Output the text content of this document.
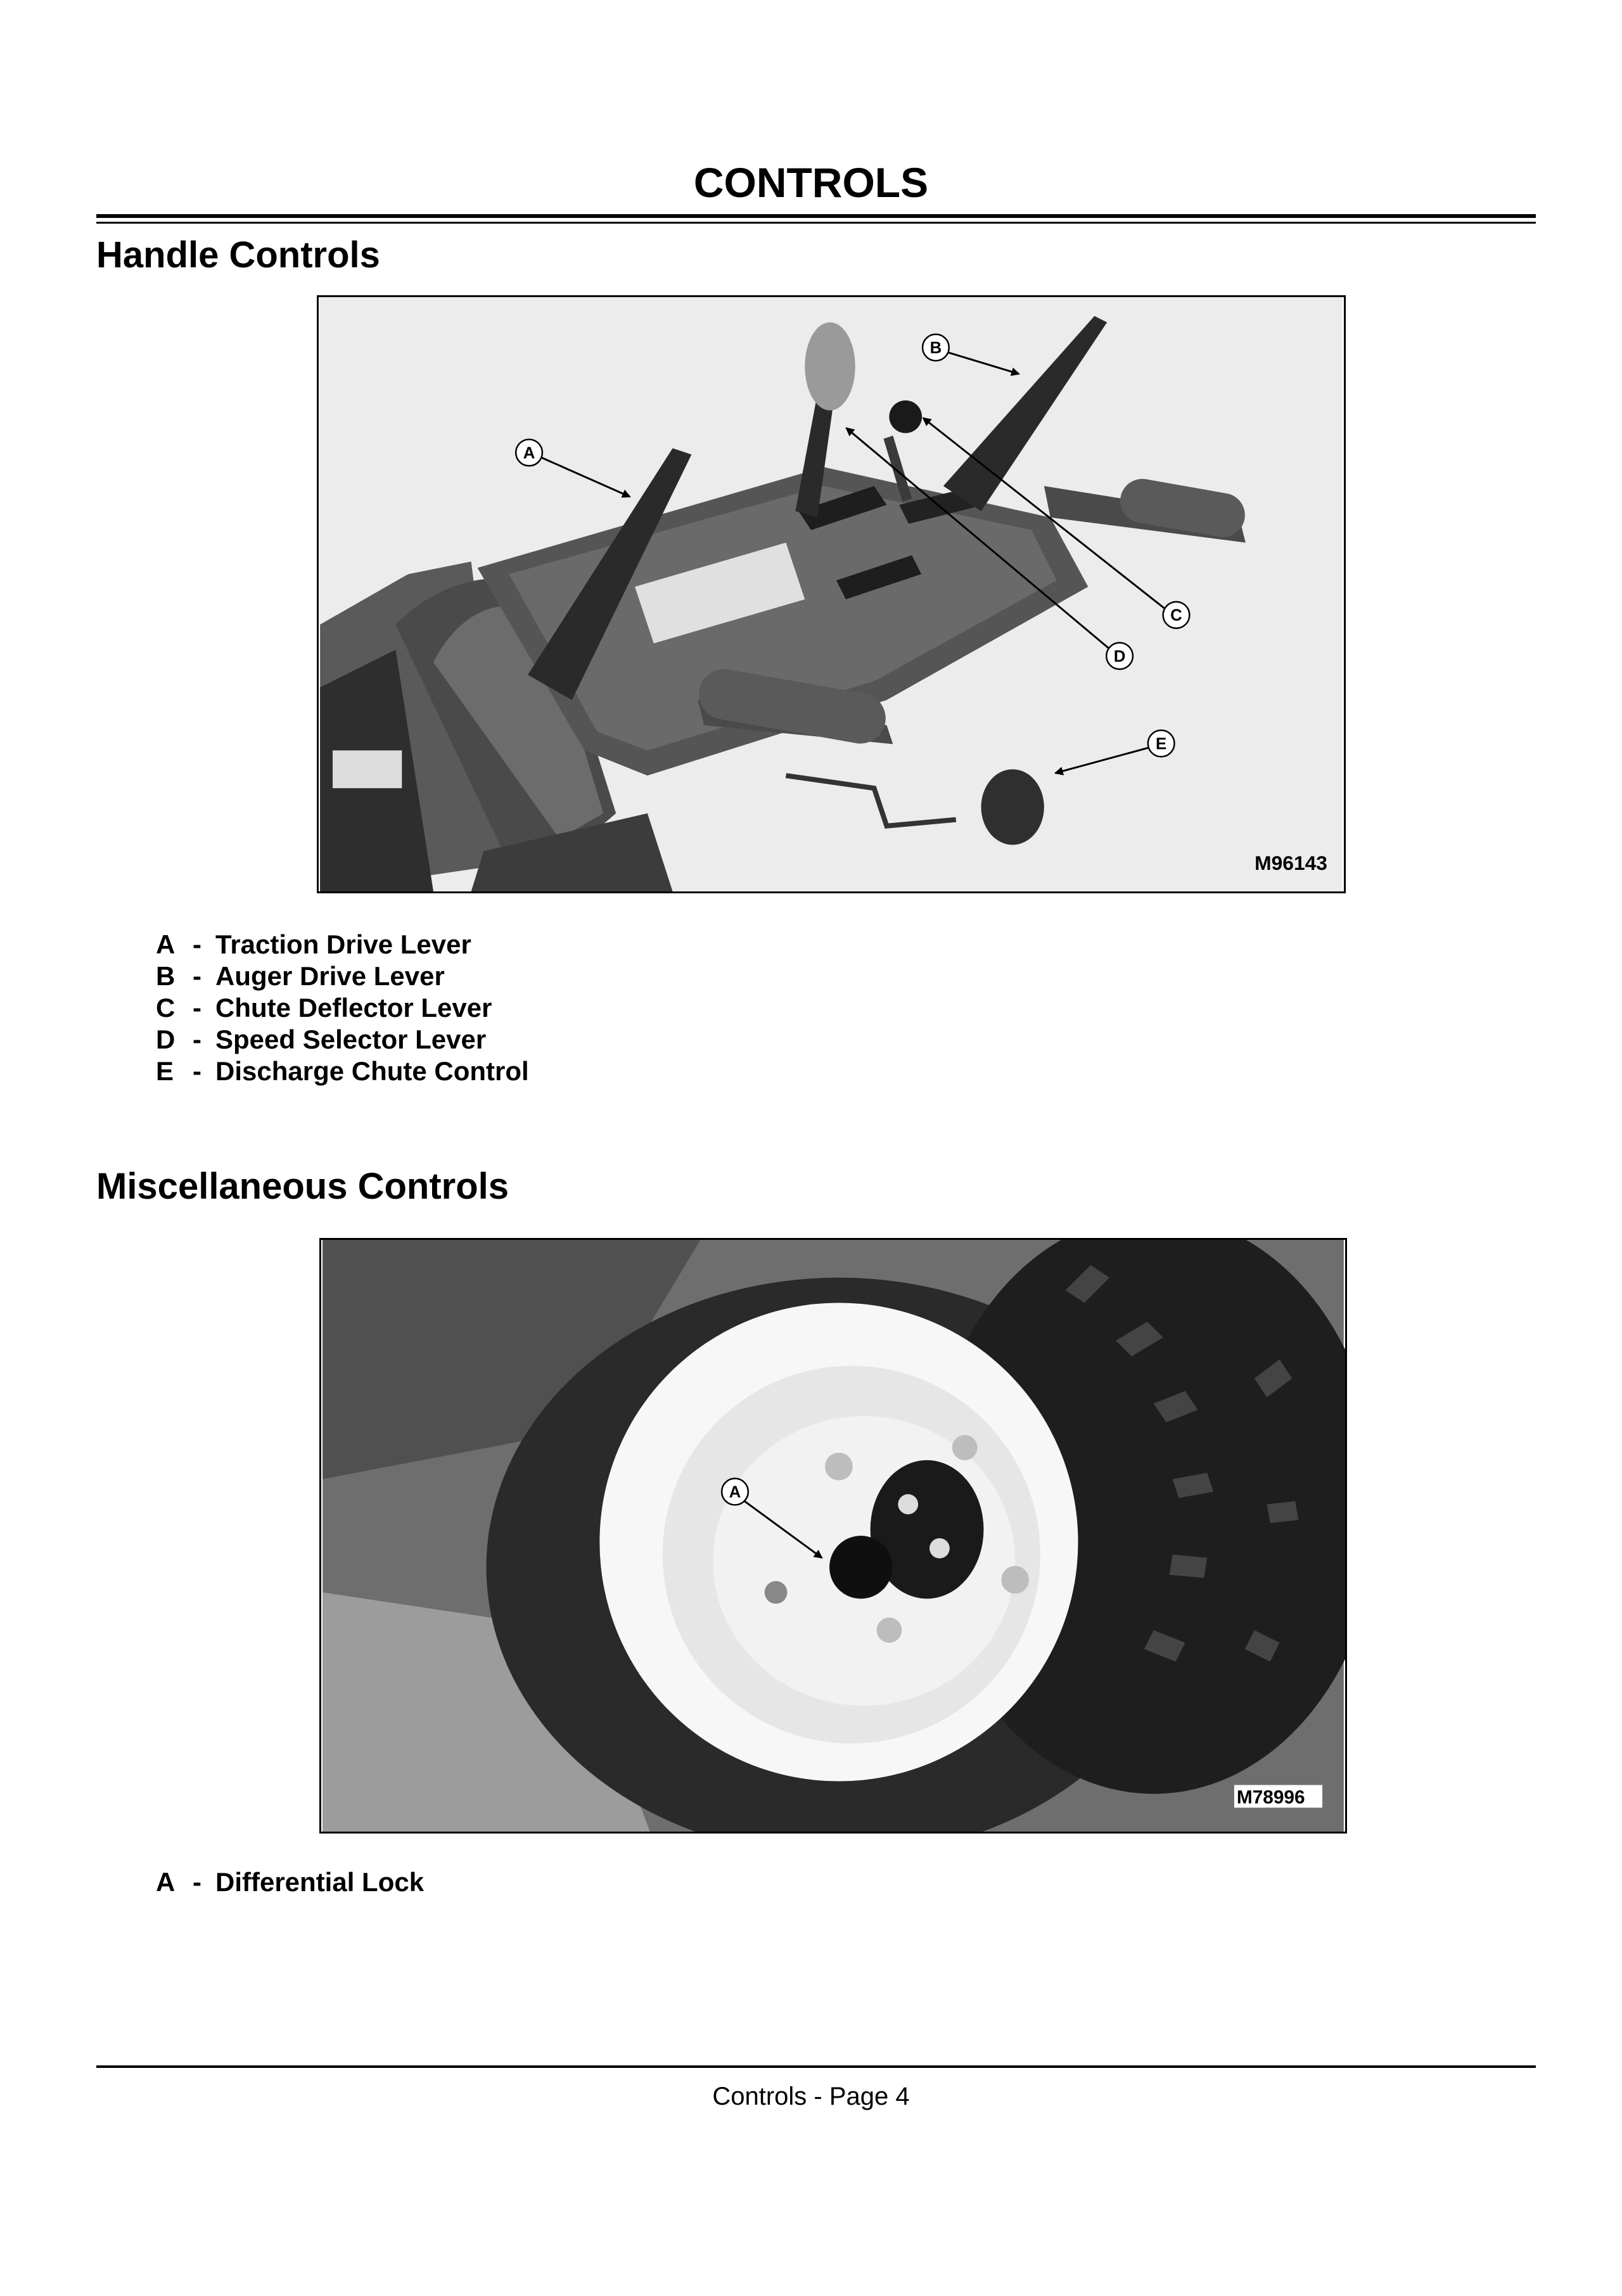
CONTROLS
Handle Controls
A
B
C
D
E
M96143
A - Traction Drive Lever
B - Auger Drive Lever
C - Chute Deflector Lever
D - Speed Selector Lever
E - Discharge Chute Control
Miscellaneous Controls
A
M78996
A - Differential Lock
Controls - Page 4
